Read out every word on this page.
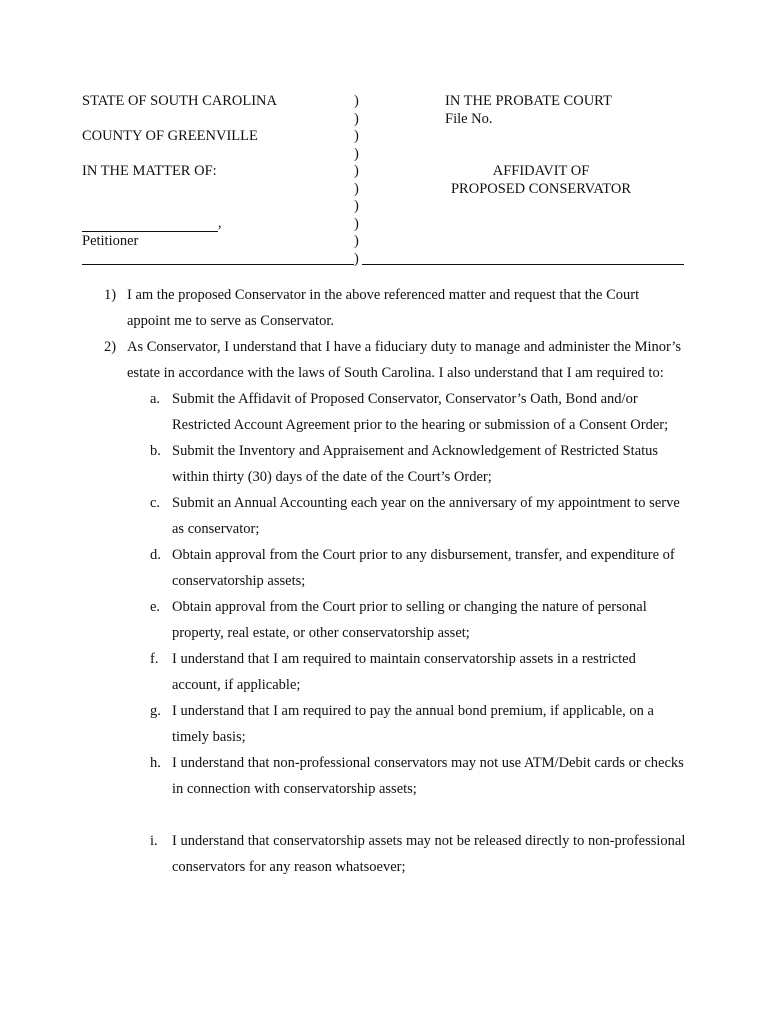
STATE OF SOUTH CAROLINA
COUNTY OF GREENVILLE
IN THE MATTER OF:
,
Petitioner
)
)
)
)
)
)
)
)
)
)
IN THE PROBATE COURT
File No.
AFFIDAVIT OF
PROPOSED CONSERVATOR

1) I am the proposed Conservator in the above referenced matter and request that the Court appoint me to serve as Conservator.

2) As Conservator, I understand that I have a fiduciary duty to manage and administer the Minor’s estate in accordance with the laws of South Carolina. I also understand that I am required to:

a. Submit the Affidavit of Proposed Conservator, Conservator’s Oath, Bond and/or Restricted Account Agreement prior to the hearing or submission of a Consent Order;

b. Submit the Inventory and Appraisement and Acknowledgement of Restricted Status within thirty (30) days of the date of the Court’s Order;

c. Submit an Annual Accounting each year on the anniversary of my appointment to serve as conservator;

d. Obtain approval from the Court prior to any disbursement, transfer, and expenditure of conservatorship assets;

e. Obtain approval from the Court prior to selling or changing the nature of personal property, real estate, or other conservatorship asset;

f. I understand that I am required to maintain conservatorship assets in a restricted account, if applicable;

g. I understand that I am required to pay the annual bond premium, if applicable, on a timely basis;

h. I understand that non-professional conservators may not use ATM/Debit cards or checks in connection with conservatorship assets;

i. I understand that conservatorship assets may not be released directly to non-professional conservators for any reason whatsoever;
